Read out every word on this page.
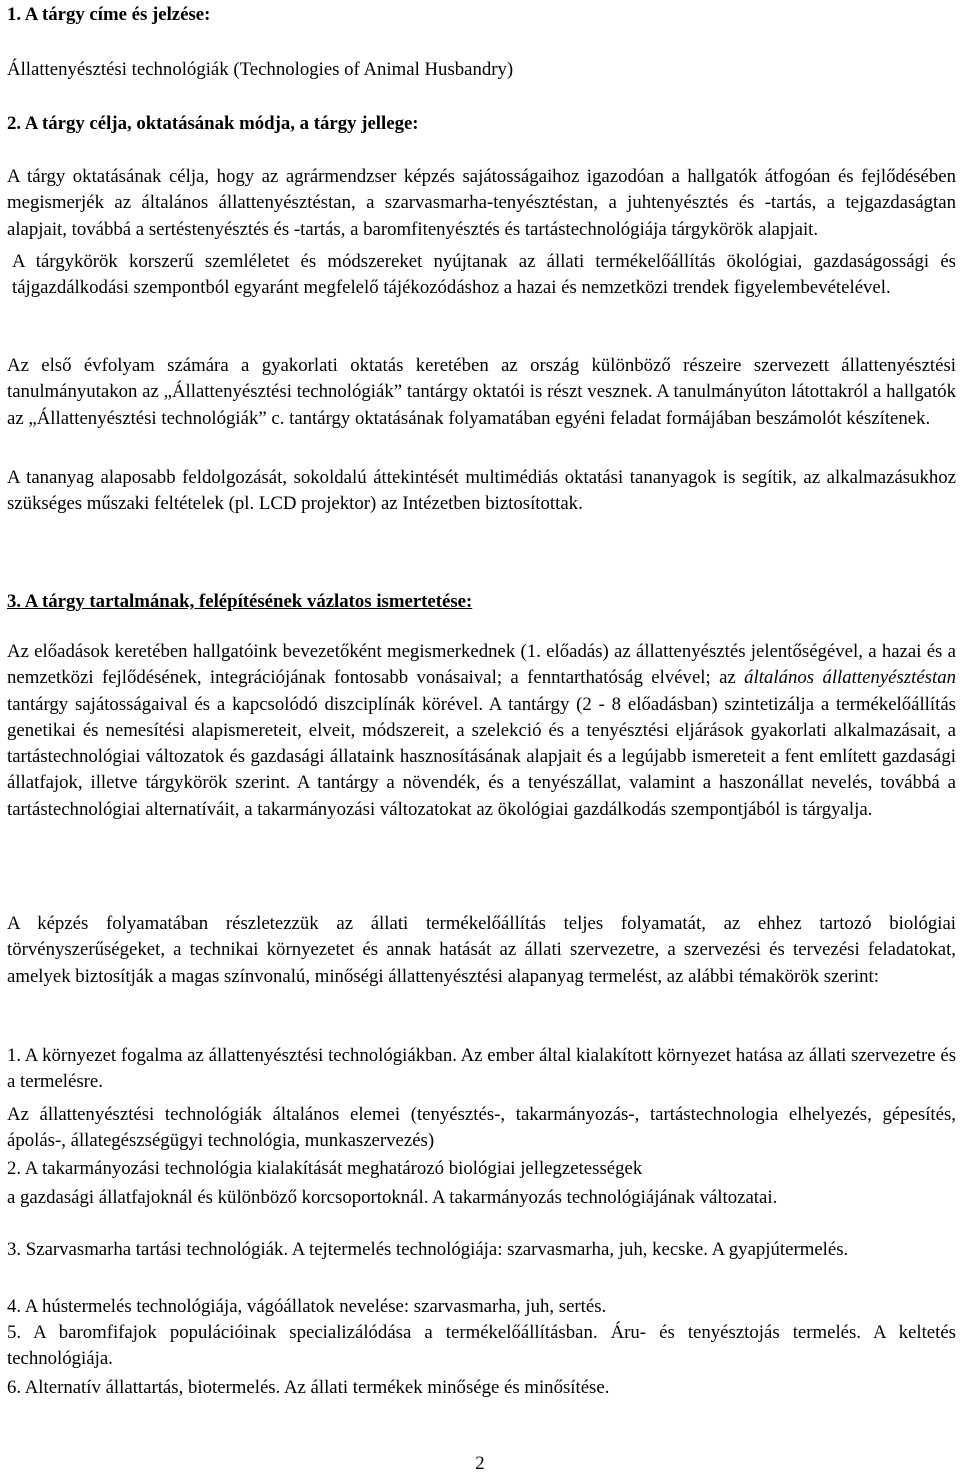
1. A tárgy címe és jelzése:

Állattenyésztési technológiák (Technologies of Animal Husbandry)

2. A tárgy célja, oktatásának módja, a tárgy jellege:

A tárgy oktatásának célja, hogy az agrármendzser képzés sajátosságaihoz igazodóan a hallgatók átfogóan és fejlődésében megismerjék az általános állattenyésztéstan, a szarvasmarha-tenyésztéstan, a juhtenyésztés és -tartás, a tejgazdaságtan alapjait, továbbá a sertéstenyésztés és -tartás, a baromfitenyésztés és tartástechnológiája tárgykörök alapjait.

A tárgykörök korszerű szemléletet és módszereket nyújtanak az állati termékelőállítás ökológiai, gazdaságossági és tájgazdálkodási szempontból egyaránt megfelelő tájékozódáshoz a hazai és nemzetközi trendek figyelembevételével.

Az első évfolyam számára a gyakorlati oktatás keretében az ország különböző részeire szervezett állattenyésztési tanulmányutakon az „Állattenyésztési technológiák” tantárgy oktatói is részt vesznek. A tanulmányúton látottakról a hallgatók az „Állattenyésztési technológiák” c. tantárgy oktatásának folyamatában egyéni feladat formájában beszámolót készítenek.

A tananyag alaposabb feldolgozását, sokoldalú áttekintését multimédiás oktatási tananyagok is segítik, az alkalmazásukhoz szükséges műszaki feltételek (pl. LCD projektor) az Intézetben biztosítottak.

3. A tárgy tartalmának, felépítésének vázlatos ismertetése:

Az előadások keretében hallgatóink bevezetőként megismerkednek (1. előadás) az állattenyésztés jelentőségével, a hazai és a nemzetközi fejlődésének, integrációjának fontosabb vonásaival; a fenntarthatóság elvével; az általános állattenyésztéstan tantárgy sajátosságaival és a kapcsolódó diszciplínák körével. A tantárgy (2 - 8 előadásban) szintetizálja a termékelőállítás genetikai és nemesítési alapismereteit, elveit, módszereit, a szelekció és a tenyésztési eljárások gyakorlati alkalmazásait, a tartástechnológiai változatok és gazdasági állataink hasznosításának alapjait és a legújabb ismereteit a fent említett gazdasági állatfajok, illetve tárgykörök szerint. A tantárgy a növendék, és a tenyészállat, valamint a haszonállat nevelés, továbbá a tartástechnológiai alternatíváit, a takarmányozási változatokat az ökológiai gazdálkodás szempontjából is tárgyalja.

A képzés folyamatában részletezzük az állati termékelőállítás teljes folyamatát, az ehhez tartozó biológiai törvényszerűségeket, a technikai környezetet és annak hatását az állati szervezetre, a szervezési és tervezési feladatokat, amelyek biztosítják a magas színvonalú, minőségi állattenyésztési alapanyag termelést, az alábbi témakörök szerint:

1. A környezet fogalma az állattenyésztési technológiákban. Az ember által kialakított környezet hatása az állati szervezetre és a termelésre.

Az állattenyésztési technológiák általános elemei (tenyésztés-, takarmányozás-, tartástechnologia elhelyezés, gépesítés, ápolás-, állategészségügyi technológia, munkaszervezés)

2. A takarmányozási technológia kialakítását meghatározó biológiai jellegzetességek

a gazdasági állatfajoknál és különböző korcsoportoknál. A takarmányozás technológiájának változatai.

3. Szarvasmarha tartási technológiák. A tejtermelés technológiája: szarvasmarha, juh, kecske. A gyapjútermelés.

4. A hústermelés technológiája, vágóállatok nevelése: szarvasmarha, juh, sertés.

5. A baromfifajok populációinak specializálódása a termékelőállításban. Áru- és tenyésztojás termelés. A keltetés technológiája.

6. Alternatív állattartás, biotermelés. Az állati termékek minősége és minősítése.

2
